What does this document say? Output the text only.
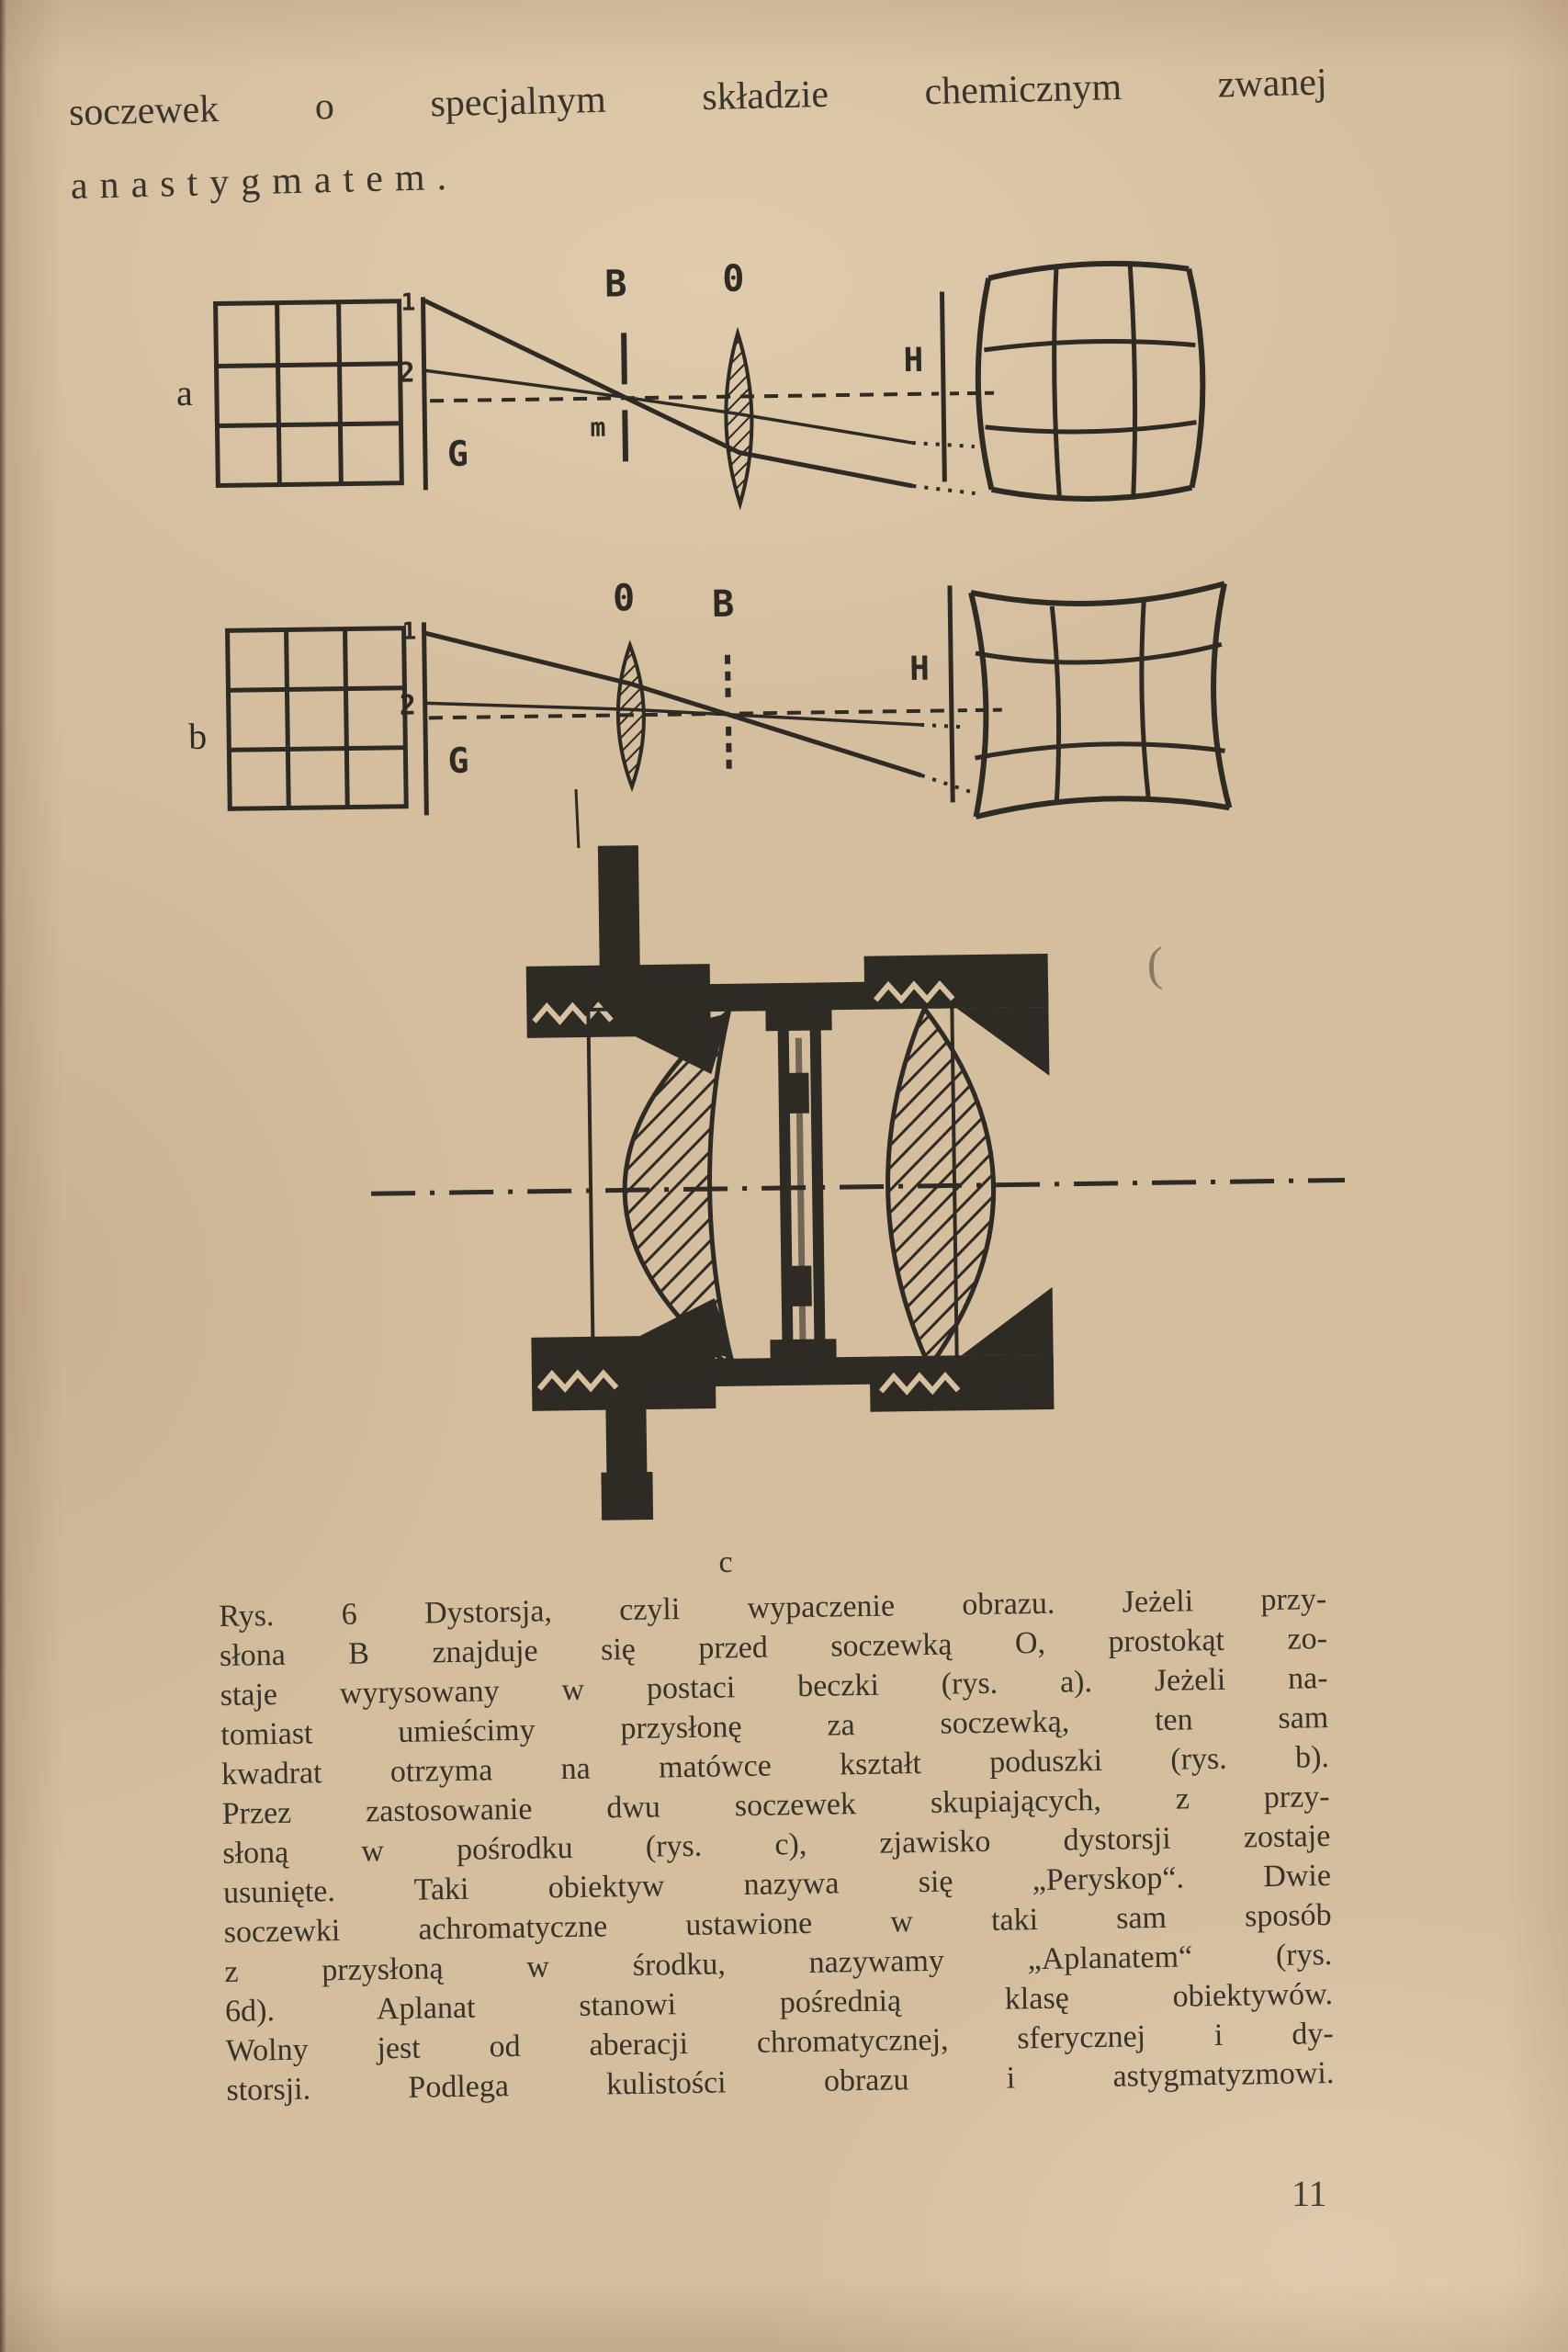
soczewek o specjalnym składzie chemicznym zwanej
anastygmatem.
a
1
2
G
B
m
0
H
b
1
2
G
0 B
H
(
c
Rys. 6 Dystorsja, czyli wypaczenie obrazu. Jeżeli przy-
słona B znajduje się przed soczewką O, prostokąt zo-
staje wyrysowany w postaci beczki (rys. a). Jeżeli na-
tomiast umieścimy przysłonę za soczewką, ten sam
kwadrat otrzyma na matówce kształt poduszki (rys. b).
Przez zastosowanie dwu soczewek skupiających, z przy-
słoną w pośrodku (rys. c), zjawisko dystorsji zostaje
usunięte. Taki obiektyw nazywa się „Peryskop“. Dwie
soczewki achromatyczne ustawione w taki sam sposób
z przysłoną w środku, nazywamy „Aplanatem“ (rys.
6d). Aplanat stanowi pośrednią klasę obiektywów.
Wolny jest od aberacji chromatycznej, sferycznej i dy-
storsji. Podlega kulistości obrazu i astygmatyzmowi.
11
